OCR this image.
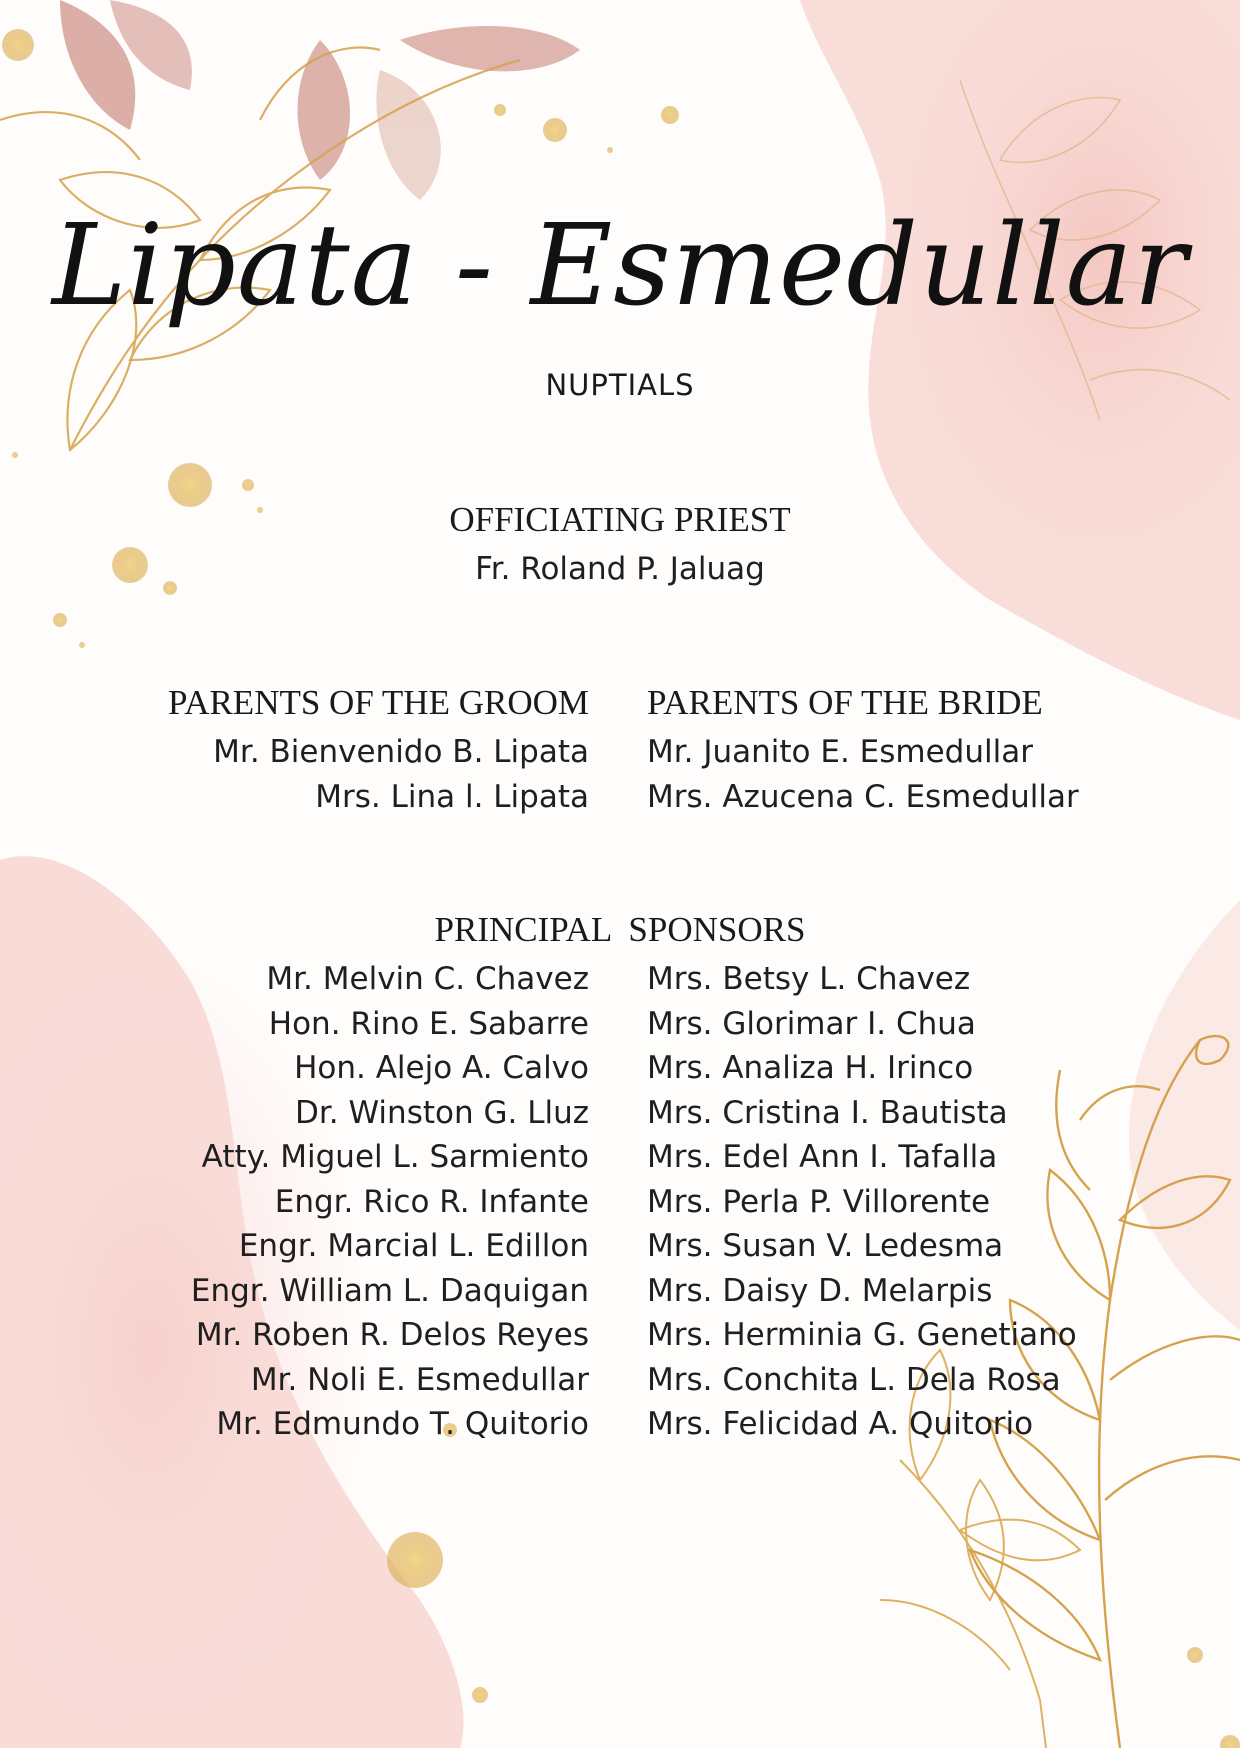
Lipata - Esmedullar
NUPTIALS
OFFICIATING PRIEST
Fr. Roland P. Jaluag
PARENTS OF THE GROOM
Mr. Bienvenido B. Lipata
Mrs. Lina l. Lipata
PARENTS OF THE BRIDE
Mr. Juanito E. Esmedullar
Mrs. Azucena C. Esmedullar
PRINCIPAL  SPONSORS
Mr. Melvin C. Chavez
Hon. Rino E. Sabarre
Hon. Alejo A. Calvo
Dr. Winston G. Lluz
Atty. Miguel L. Sarmiento
Engr. Rico R. Infante
Engr. Marcial L. Edillon
Engr. William L. Daquigan
Mr. Roben R. Delos Reyes
Mr. Noli E. Esmedullar
Mr. Edmundo T. Quitorio
Mrs. Betsy L. Chavez
Mrs. Glorimar I. Chua
Mrs. Analiza H. Irinco
Mrs. Cristina I. Bautista
Mrs. Edel Ann I. Tafalla
Mrs. Perla P. Villorente
Mrs. Susan V. Ledesma
Mrs. Daisy D. Melarpis
Mrs. Herminia G. Genetiano
Mrs. Conchita L. Dela Rosa
Mrs. Felicidad A. Quitorio
